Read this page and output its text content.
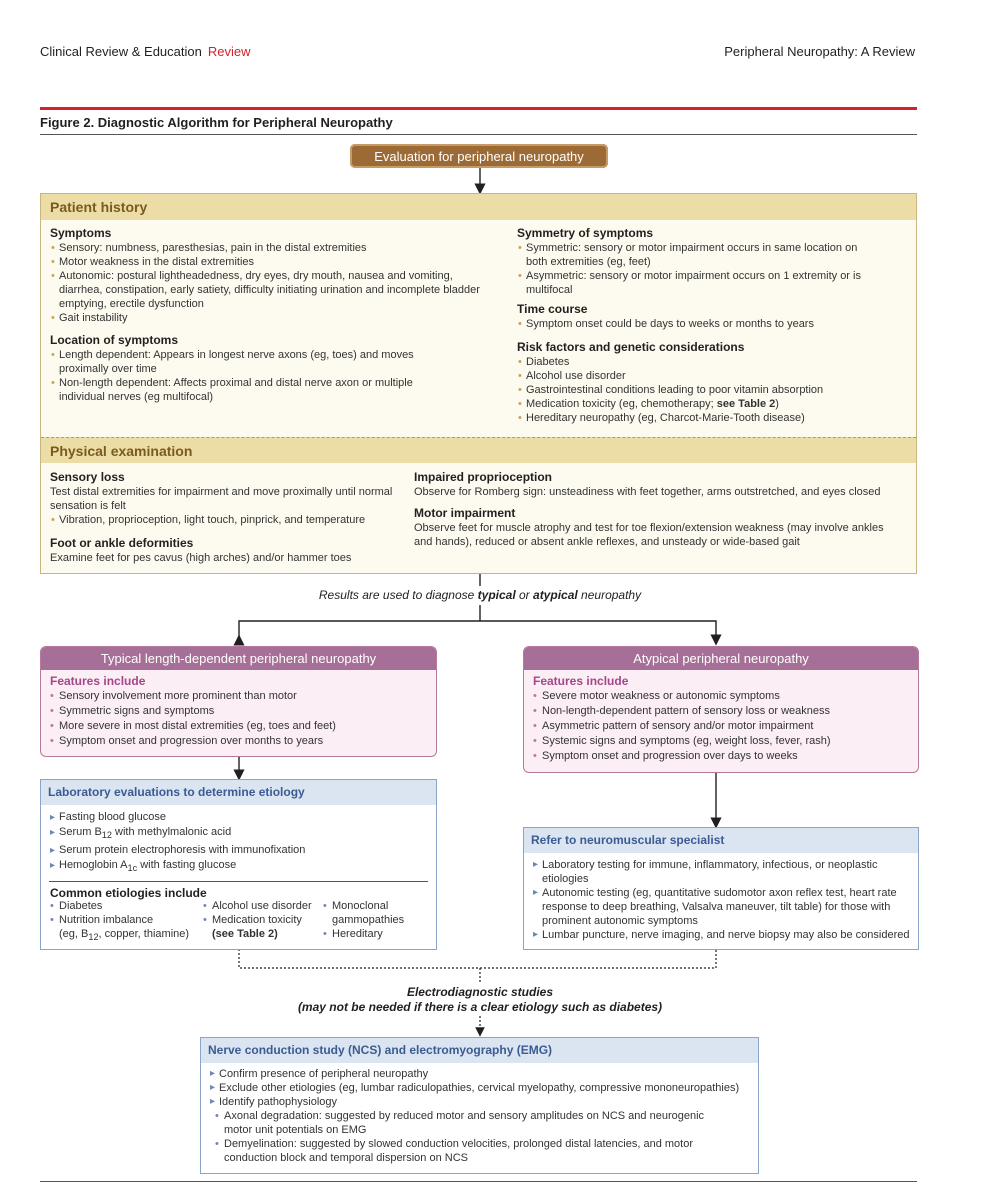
Clinical Review & Education Review	Peripheral Neuropathy: A Review
Figure 2. Diagnostic Algorithm for Peripheral Neuropathy
Evaluation for peripheral neuropathy
Patient history
Symptoms
• Sensory: numbness, paresthesias, pain in the distal extremities
• Motor weakness in the distal extremities
• Autonomic: postural lightheadedness, dry eyes, dry mouth, nausea and vomiting, diarrhea, constipation, early satiety, difficulty initiating urination and incomplete bladder emptying, erectile dysfunction
• Gait instability
Location of symptoms
• Length dependent: Appears in longest nerve axons (eg, toes) and moves proximally over time
• Non-length dependent: Affects proximal and distal nerve axon or multiple individual nerves (eg multifocal)
Symmetry of symptoms
• Symmetric: sensory or motor impairment occurs in same location on both extremities (eg, feet)
• Asymmetric: sensory or motor impairment occurs on 1 extremity or is multifocal
Time course
• Symptom onset could be days to weeks or months to years
Risk factors and genetic considerations
• Diabetes
• Alcohol use disorder
• Gastrointestinal conditions leading to poor vitamin absorption
• Medication toxicity (eg, chemotherapy; see Table 2)
• Hereditary neuropathy (eg, Charcot-Marie-Tooth disease)
Physical examination
Sensory loss

Test distal extremities for impairment and move proximally until normal sensation is felt

• Vibration, proprioception, light touch, pinprick, and temperature
Foot or ankle deformities

Examine feet for pes cavus (high arches) and/or hammer toes

Impaired proprioception

Observe for Romberg sign: unsteadiness with feet together, arms outstretched, and eyes closed

Motor impairment

Observe feet for muscle atrophy and test for toe flexion/extension weakness (may involve ankles and hands), reduced or absent ankle reflexes, and unsteady or wide-based gait

Results are used to diagnose typical or atypical neuropathy
Typical length-dependent peripheral neuropathy
Features include
• Sensory involvement more prominent than motor
• Symmetric signs and symptoms
• More severe in most distal extremities (eg, toes and feet)
• Symptom onset and progression over months to years
Atypical peripheral neuropathy
Features include
• Severe motor weakness or autonomic symptoms
• Non-length-dependent pattern of sensory loss or weakness
• Asymmetric pattern of sensory and/or motor impairment
• Systemic signs and symptoms (eg, weight loss, fever, rash)
• Symptom onset and progression over days to weeks
Laboratory evaluations to determine etiology
▸ Fasting blood glucose
▸ Serum $B_{12}$ with methylmalonic acid
▸ Serum protein electrophoresis with immunofixation
▸ Hemoglobin $A_{1c}$ with fasting glucose
Common etiologies include
• Diabetes
• Nutrition imbalance
(eg, $B_{12}$, copper, thiamine)
• Alcohol use disorder
• Medication toxicity
(see Table 2)
• Monoclonal gammopathies
• Hereditary
Refer to neuromuscular specialist
▸ Laboratory testing for immune, inflammatory, infectious, or neoplastic etiologies
▸ Autonomic testing (eg, quantitative sudomotor axon reflex test, heart rate response to deep breathing, Valsalva maneuver, tilt table) for those with prominent autonomic symptoms
▸ Lumbar puncture, nerve imaging, and nerve biopsy may also be considered
Electrodiagnostic studies
(may not be needed if there is a clear etiology such as diabetes)
Nerve conduction study (NCS) and electromyography (EMG)
▸ Confirm presence of peripheral neuropathy
▸ Exclude other etiologies (eg, lumbar radiculopathies, cervical myelopathy, compressive mononeuropathies)
▸ Identify pathophysiology
• Axonal degradation: suggested by reduced motor and sensory amplitudes on NCS and neurogenic motor unit potentials on EMG
• Demyelination: suggested by slowed conduction velocities, prolonged distal latencies, and motor conduction block and temporal dispersion on NCS
